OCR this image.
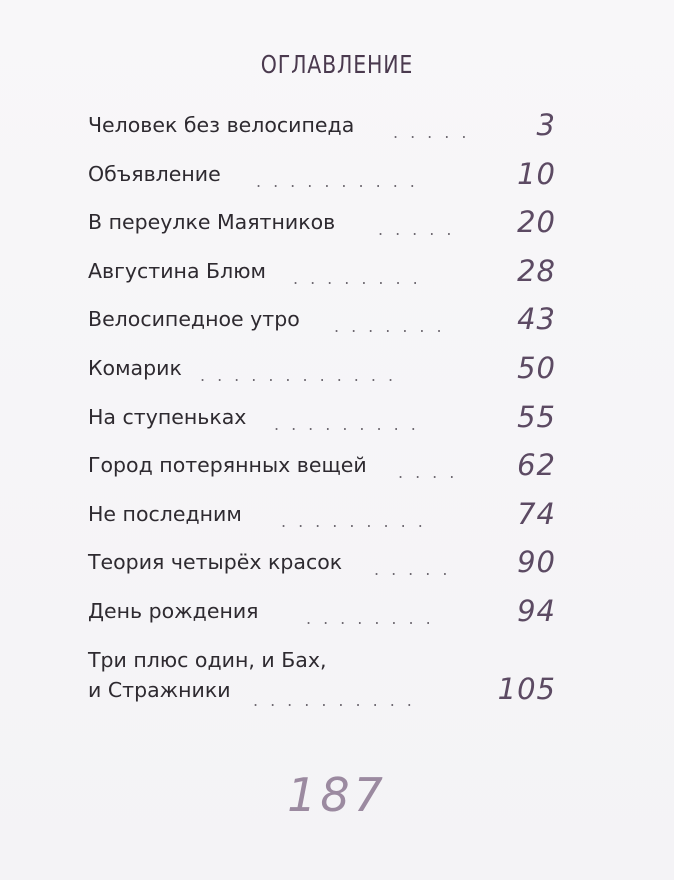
ОГЛАВЛЕНИЕ
Человек без велосипеда ..... 3
Объявление ..........	10
В переулке Маятников	..... 20
Августина Блюм ........	28
Велосипедное утро ....... 43
Комарик ............	50
На ступеньках .........	55
Город потерянных вещей .... 62
Не последним .........	74
Теория четырёх красок ..... 90
День рождения	........	94
Три плюс один, и Бах,
и Стражники	..........	105
187
